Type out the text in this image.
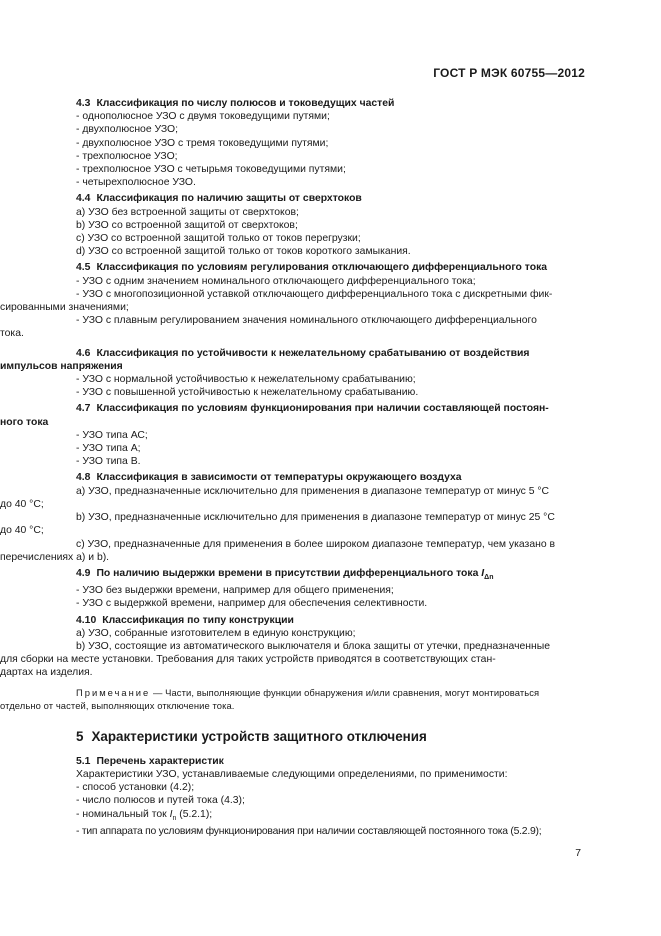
ГОСТ Р МЭК 60755—2012
4.3 Классификация по числу полюсов и токоведущих частей
- однополюсное УЗО с двумя токоведущими путями;
- двухполюсное УЗО;
- двухполюсное УЗО с тремя токоведущими путями;
- трехполюсное УЗО;
- трехполюсное УЗО с четырьмя токоведущими путями;
- четырехполюсное УЗО.
4.4 Классификация по наличию защиты от сверхтоков
а) УЗО без встроенной защиты от сверхтоков;
b) УЗО со встроенной защитой от сверхтоков;
c) УЗО со встроенной защитой только от токов перегрузки;
d) УЗО со встроенной защитой только от токов короткого замыкания.
4.5 Классификация по условиям регулирования отключающего дифференциального тока
- УЗО с одним значением номинального отключающего дифференциального тока;
- УЗО с многопозиционной уставкой отключающего дифференциального тока с дискретными фик-
сированными значениями;
- УЗО с плавным регулированием значения номинального отключающего дифференциального
тока.
4.6 Классификация по устойчивости к нежелательному срабатыванию от воздействия
импульсов напряжения
- УЗО с нормальной устойчивостью к нежелательному срабатыванию;
- УЗО с повышенной устойчивостью к нежелательному срабатыванию.
4.7 Классификация по условиям функционирования при наличии составляющей постоян-
ного тока
- УЗО типа АС;
- УЗО типа А;
- УЗО типа В.
4.8 Классификация в зависимости от температуры окружающего воздуха
а) УЗО, предназначенные исключительно для применения в диапазоне температур от минус 5 °С
до 40 °С;
b) УЗО, предназначенные исключительно для применения в диапазоне температур от минус 25 °С
до 40 °С;
c) УЗО, предназначенные для применения в более широком диапазоне температур, чем указано в
перечислениях а) и b).
4.9 По наличию выдержки времени в присутствии дифференциального тока $I_{\Delta n}$
- УЗО без выдержки времени, например для общего применения;
- УЗО с выдержкой времени, например для обеспечения селективности.
4.10 Классификация по типу конструкции
а) УЗО, собранные изготовителем в единую конструкцию;
b) УЗО, состоящие из автоматического выключателя и блока защиты от утечки, предназначенные
для сборки на месте установки. Требования для таких устройств приводятся в соответствующих стан-
дартах на изделия.
Примечание — Части, выполняющие функции обнаружения и/или сравнения, могут монтироваться
отдельно от частей, выполняющих отключение тока.
5 Характеристики устройств защитного отключения
5.1 Перечень характеристик
Характеристики УЗО, устанавливаемые следующими определениями, по применимости:
- способ установки (4.2);
- число полюсов и путей тока (4.3);
- номинальный ток $I_n$ (5.2.1);
- тип аппарата по условиям функционирования при наличии составляющей постоянного тока (5.2.9);
7
